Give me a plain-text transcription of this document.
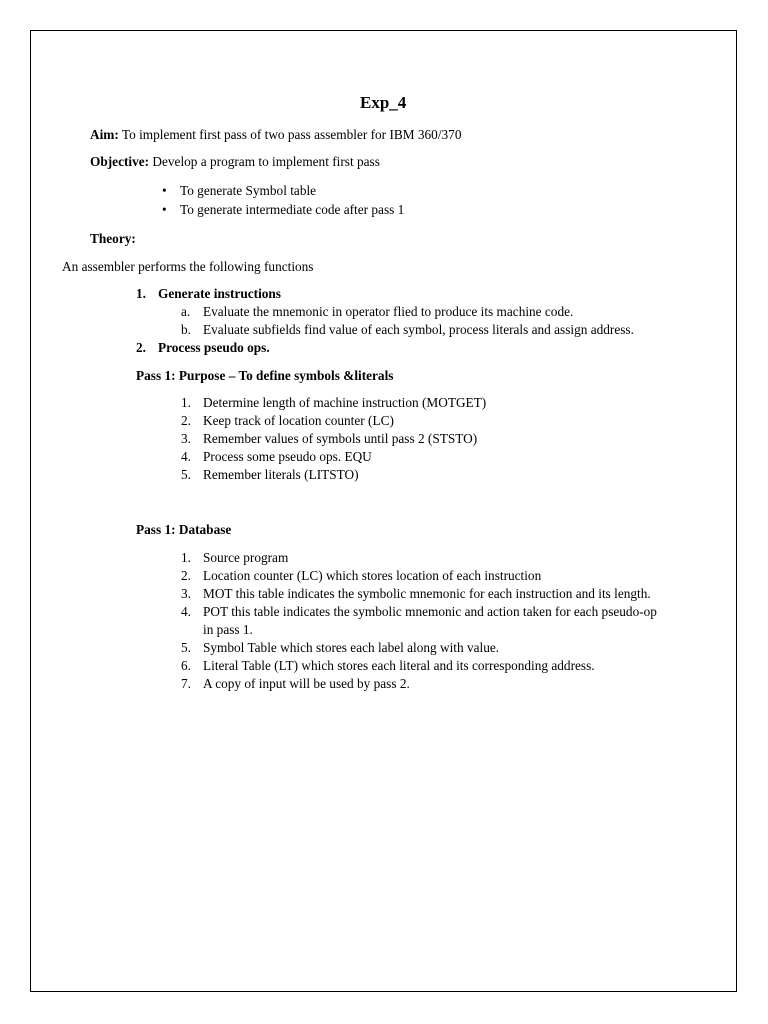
Exp_4
Aim: To implement first pass of two pass assembler for IBM 360/370
Objective: Develop a program to implement first pass
• To generate Symbol table
• To generate intermediate code after pass 1
Theory:
An assembler performs the following functions
1. Generate instructions
a. Evaluate the mnemonic in operator flied to produce its machine code.
b. Evaluate subfields find value of each symbol, process literals and assign address.
2. Process pseudo ops.
Pass 1: Purpose – To define symbols &literals
1. Determine length of machine instruction (MOTGET)
2. Keep track of location counter (LC)
3. Remember values of symbols until pass 2 (STSTO)
4. Process some pseudo ops. EQU
5. Remember literals (LITSTO)
Pass 1: Database
1. Source program
2. Location counter (LC) which stores location of each instruction
3. MOT this table indicates the symbolic mnemonic for each instruction and its length.
4. POT this table indicates the symbolic mnemonic and action taken for each pseudo-op
in pass 1.
5. Symbol Table which stores each label along with value.
6. Literal Table (LT) which stores each literal and its corresponding address.
7. A copy of input will be used by pass 2.
